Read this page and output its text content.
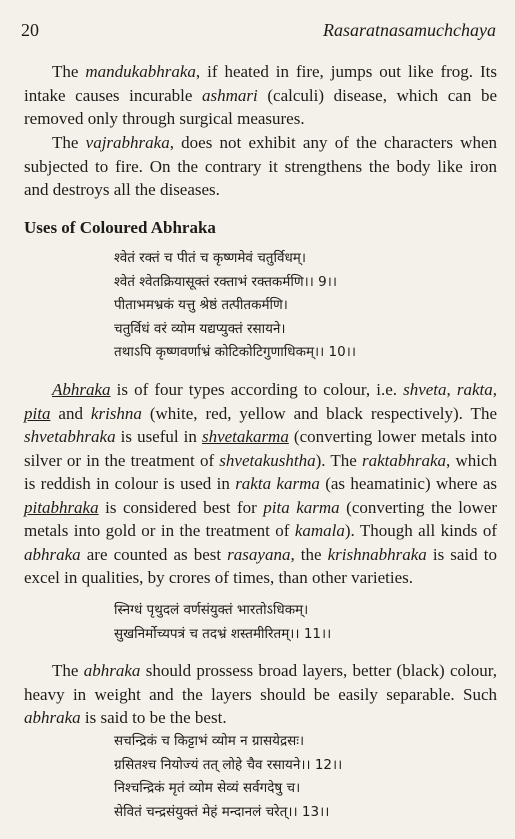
20	Rasaratnasamuchchaya

The mandukabhraka, if heated in fire, jumps out like frog. Its intake causes incurable ashmari (calculi) disease, which can be removed only through surgical measures.

The vajrabhraka, does not exhibit any of the characters when subjected to fire. On the contrary it strengthens the body like iron and destroys all the diseases.

Uses of Coloured Abhraka
श्वेतं रक्तं च पीतं च कृष्णमेवं चतुर्विधम्।
श्वेतं श्वेतक्रियासूक्तं रक्ताभं रक्तकर्मणि।। 9।।
पीताभमभ्रकं यत्तु श्रेष्ठं तत्पीतकर्मणि।
चतुर्विधं वरं व्योम यद्यप्युक्तं रसायने।
तथाऽपि कृष्णवर्णाभ्रं कोटिकोटिगुणाधिकम्।। 10।।

Abhraka is of four types according to colour, i.e. shveta, rakta, pita and krishna (white, red, yellow and black respectively). The shvetabhraka is useful in shvetakarma (converting lower metals into silver or in the treatment of shvetakushtha). The raktabhraka, which is reddish in colour is used in rakta karma (as heamatinic) where as pitabhraka is considered best for pita karma (converting the lower metals into gold or in the treatment of kamala). Though all kinds of abhraka are counted as best rasayana, the krishnabhraka is said to excel in qualities, by crores of times, than other varieties.

स्निग्धं पृथुदलं वर्णसंयुक्तं भारतोऽधिकम्।
सुखनिर्मोच्यपत्रं च तदभ्रं शस्तमीरितम्।। 11।।

The abhraka should prossess broad layers, better (black) colour, heavy in weight and the layers should be easily separable. Such abhraka is said to be the best.

सचन्द्रिकं च किट्टाभं व्योम न ग्रासयेद्रसः।
ग्रसितश्च नियोज्यं तत् लोहे चैव रसायने।। 12।।
निश्चन्द्रिकं मृतं व्योम सेव्यं सर्वगदेषु च।
सेवितं चन्द्रसंयुक्तं मेहं मन्दानलं चरेत्।। 13।।
